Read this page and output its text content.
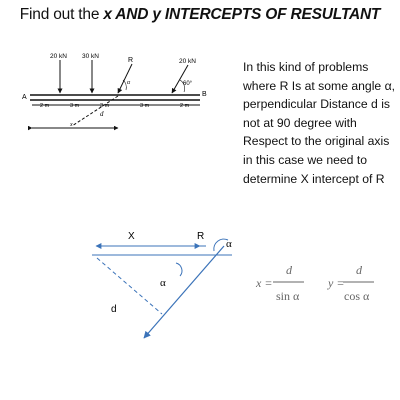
Find out the x AND y INTERCEPTS OF RESULTANT
A	B
20 kN 30 kN
R
α
20 kN
60°
2 m	3 m	3 m	3 m	2 m
d
x
X	R
α
α
d
x =
d
sin α
y =
d
cos α
In this kind of problems
where R Is at some angle α,
perpendicular Distance d is
not at 90 degree with
Respect to the original axis
in this case we need to
determine X intercept of R
